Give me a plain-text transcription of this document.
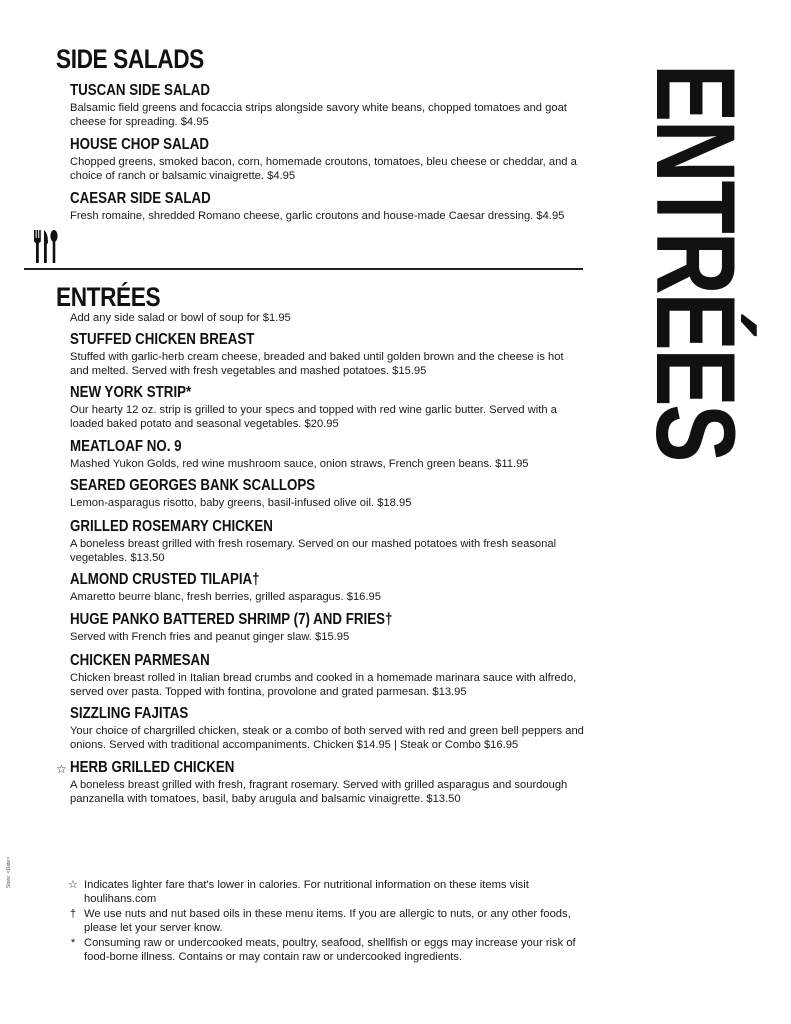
ENTRÉES
SIDE SALADS
TUSCAN SIDE SALAD
Balsamic field greens and focaccia strips alongside savory white beans, chopped tomatoes and goat cheese for spreading. $4.95
HOUSE CHOP SALAD
Chopped greens, smoked bacon, corn, homemade croutons, tomatoes, bleu cheese or cheddar, and a choice of ranch or balsamic vinaigrette. $4.95
CAESAR SIDE SALAD
Fresh romaine, shredded Romano cheese, garlic croutons and house-made Caesar dressing. $4.95
ENTRÉES
Add any side salad or bowl of soup for $1.95
STUFFED CHICKEN BREAST
Stuffed with garlic-herb cream cheese, breaded and baked until golden brown and the cheese is hot and melted. Served with fresh vegetables and mashed potatoes. $15.95
NEW YORK STRIP*
Our hearty 12 oz. strip is grilled to your specs and topped with red wine garlic butter. Served with a loaded baked potato and seasonal vegetables. $20.95
MEATLOAF NO. 9
Mashed Yukon Golds, red wine mushroom sauce, onion straws, French green beans. $11.95
SEARED GEORGES BANK SCALLOPS
Lemon-asparagus risotto, baby greens, basil-infused olive oil. $18.95
GRILLED ROSEMARY CHICKEN
A boneless breast grilled with fresh rosemary. Served on our mashed potatoes with fresh seasonal vegetables. $13.50
ALMOND CRUSTED TILAPIA†
Amaretto beurre blanc, fresh berries, grilled asparagus. $16.95
HUGE PANKO BATTERED SHRIMP (7) AND FRIES†
Served with French fries and peanut ginger slaw. $15.95
CHICKEN PARMESAN
Chicken breast rolled in Italian bread crumbs and cooked in a homemade marinara sauce with alfredo, served over pasta. Topped with fontina, provolone and grated parmesan. $13.95
SIZZLING FAJITAS
Your choice of chargrilled chicken, steak or a combo of both served with red and green bell peppers and onions. Served with traditional accompaniments. Chicken $14.95 | Steak or Combo $16.95
☆ HERB GRILLED CHICKEN
A boneless breast grilled with fresh, fragrant rosemary. Served with grilled asparagus and sourdough panzanella with tomatoes, basil, baby arugula and balsamic vinaigrette. $13.50
☆ Indicates lighter fare that's lower in calories. For nutritional information on these items visit houlihans.com
† We use nuts and nut based oils in these menu items. If you are allergic to nuts, or any other foods, please let your server know.
* Consuming raw or undercooked meats, poultry, seafood, shellfish or eggs may increase your risk of food-borne illness. Contains or may contain raw or undercooked ingredients.
Store: <Date>
